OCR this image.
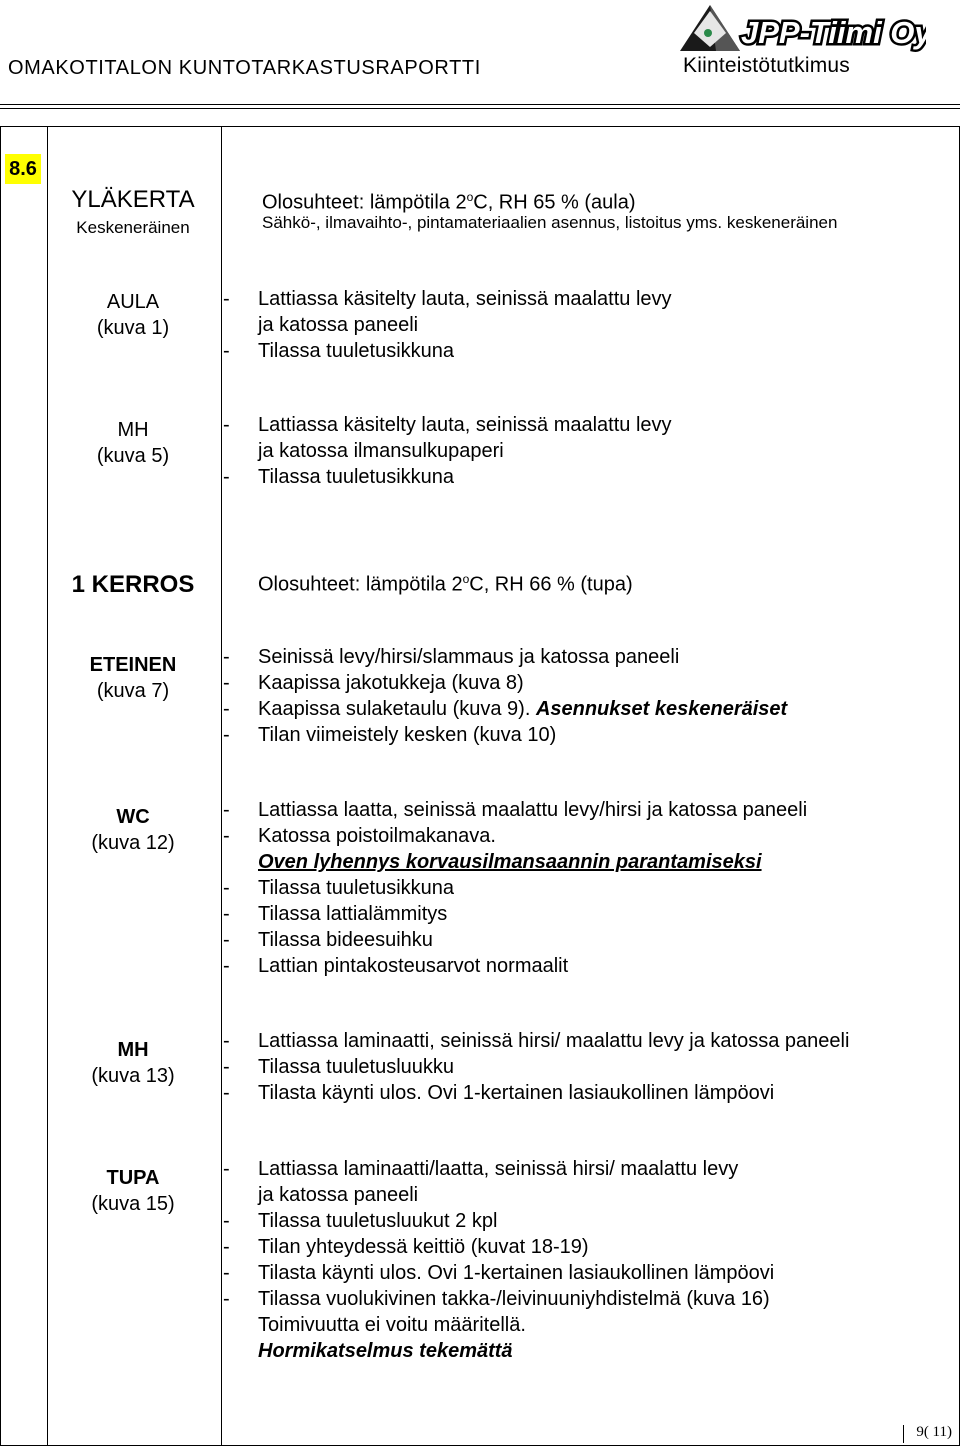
OMAKOTITALON KUNTOTARKASTUSRAPORTTI
JPP-Tiimi Oy
Kiinteistötutkimus
8.6
YLÄKERTA
Keskeneräinen
Olosuhteet: lämpötila 2$^o$C, RH 65 % (aula)
Sähkö-, ilmavaihto-, pintamateriaalien asennus, listoitus yms. keskeneräinen
AULA
(kuva 1)
- Lattiassa käsitelty lauta, seinissä maalattu levy
ja katossa paneeli
- Tilassa tuuletusikkuna
MH
(kuva 5)
- Lattiassa käsitelty lauta, seinissä maalattu levy
ja katossa ilmansulkupaperi
- Tilassa tuuletusikkuna
1 KERROS	Olosuhteet: lämpötila 2$^o$C, RH 66 % (tupa)
ETEINEN
(kuva 7)
- Seinissä levy/hirsi/slammaus ja katossa paneeli
- Kaapissa jakotukkeja (kuva 8)
- Kaapissa sulaketaulu (kuva 9). Asennukset keskeneräiset
- Tilan viimeistely kesken (kuva 10)
WC
(kuva 12)
- Lattiassa laatta, seinissä maalattu levy/hirsi ja katossa paneeli
- Katossa poistoilmakanava.
Oven lyhennys korvausilmansaannin parantamiseksi
- Tilassa tuuletusikkuna
- Tilassa lattialämmitys
- Tilassa bideesuihku
- Lattian pintakosteusarvot normaalit
MH
(kuva 13)
- Lattiassa laminaatti, seinissä hirsi/ maalattu levy ja katossa paneeli
- Tilassa tuuletusluukku
- Tilasta käynti ulos. Ovi 1-kertainen lasiaukollinen lämpöovi
TUPA
(kuva 15)
- Lattiassa laminaatti/laatta, seinissä hirsi/ maalattu levy
ja katossa paneeli
- Tilassa tuuletusluukut 2 kpl
- Tilan yhteydessä keittiö (kuvat 18-19)
- Tilasta käynti ulos. Ovi 1-kertainen lasiaukollinen lämpöovi
- Tilassa vuolukivinen takka-/leivinuuniyhdistelmä (kuva 16)
Toimivuutta ei voitu määritellä.
Hormikatselmus tekemättä
9( 11)
